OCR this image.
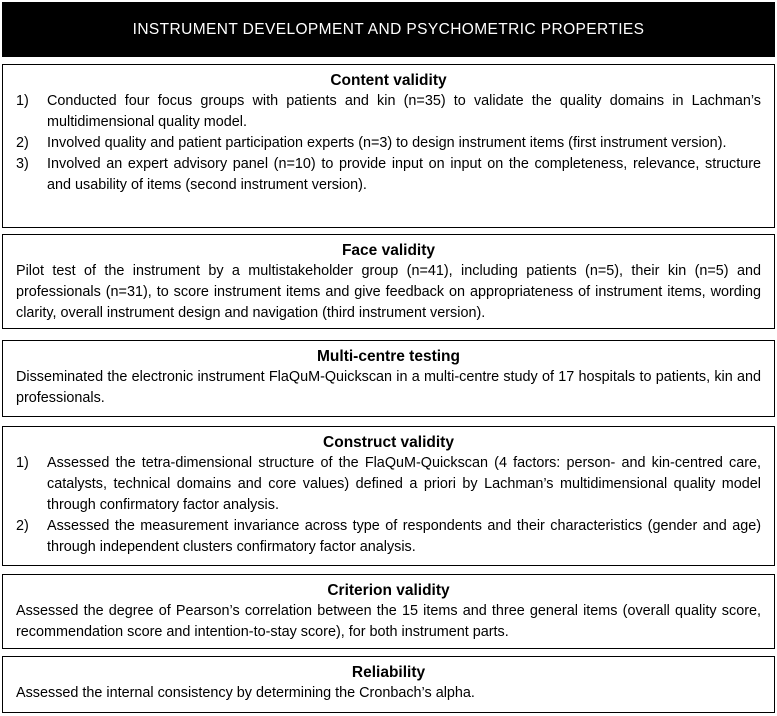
INSTRUMENT DEVELOPMENT AND PSYCHOMETRIC PROPERTIES

Content validity

1) Conducted four focus groups with patients and kin (n=35) to validate the quality domains in Lachman’s multidimensional quality model.
2) Involved quality and patient participation experts (n=3) to design instrument items (first instrument version).
3) Involved an expert advisory panel (n=10) to provide input on input on the completeness, relevance, structure and usability of items (second instrument version).

Face validity

Pilot test of the instrument by a multistakeholder group (n=41), including patients (n=5), their kin (n=5) and professionals (n=31), to score instrument items and give feedback on appropriateness of instrument items, wording clarity, overall instrument design and navigation (third instrument version).

Multi-centre testing

Disseminated the electronic instrument FlaQuM-Quickscan in a multi-centre study of 17 hospitals to patients, kin and professionals.

Construct validity

1) Assessed the tetra-dimensional structure of the FlaQuM-Quickscan (4 factors: person- and kin-centred care, catalysts, technical domains and core values) defined a priori by Lachman’s multidimensional quality model through confirmatory factor analysis.
2) Assessed the measurement invariance across type of respondents and their characteristics (gender and age) through independent clusters confirmatory factor analysis.

Criterion validity

Assessed the degree of Pearson’s correlation between the 15 items and three general items (overall quality score, recommendation score and intention-to-stay score), for both instrument parts.

Reliability

Assessed the internal consistency by determining the Cronbach’s alpha.
